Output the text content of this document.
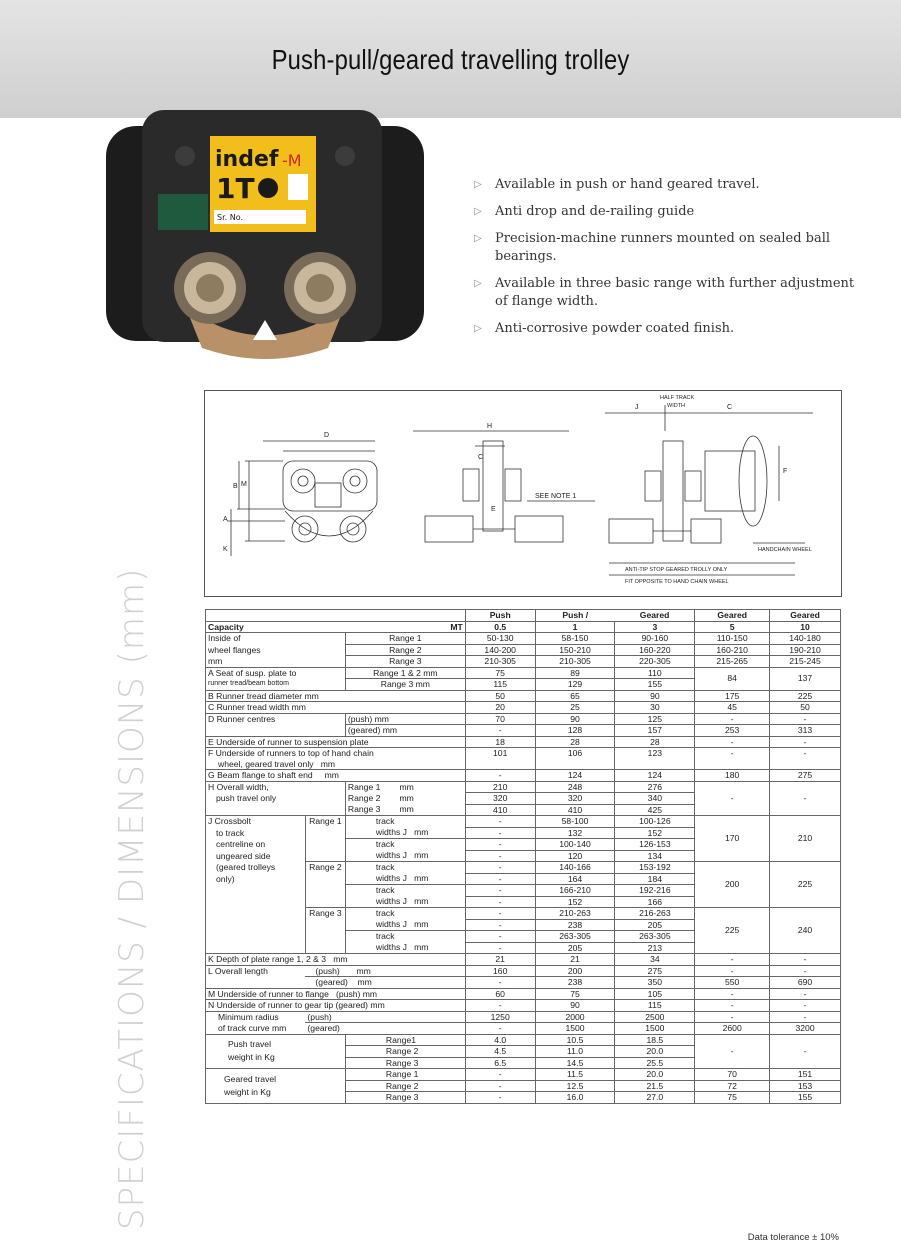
Push-pull/geared travelling trolley
indef -M
1T
Sr. No.
▷ Available in push or hand geared travel.
▷ Anti drop and de-railing guide
▷ Precision-machine runners mounted on sealed ball bearings.
▷ Available in three basic range with further adjustment of flange width.
▷ Anti-corrosive powder coated finish.
D
M
B
A
K
H
C
E
SEE NOTE 1
HALF TRACK
WIDTH
J	C
F
HANDCHAIN WHEEL
ANTI-TIP STOP GEARED TROLLY ONLY
FIT OPPOSITE TO HAND CHAIN WHEEL
SPECIFICATIONS / DIMENSIONS (mm)
			Push	Push /	Geared	Geared	Geared
Capacity		MT	0.5	1	3	5	10
Inside of		Range 1	50-130	58-150	90-160	110-150	140-180
wheel flanges		Range 2	140-200	150-210	160-220	160-210	190-210
mm		Range 3	210-305	210-305	220-305	215-265	215-245
A Seat of susp. plate to		Range 1 & 2 mm	75	89	110	84	137
runner tread/beam bottom		Range 3 mm	115	129	155		
B Runner tread diameter mm			50	65	90	175	225
C Runner tread width mm			20	25	30	45	50
D Runner centres		(push) mm	70	90	125	-	-
		(geared) mm	-	128	157	253	313
E Underside of runner to suspension plate			18	28	28	-	-
F Underside of runners to top of hand chain			101	106	123	-	-
wheel, geared travel only mm							
G Beam flange to shaft end mm			-	124	124	180	275
H Overall width,		Range 1 mm	210	248	276	-	-
push travel only		Range 2 mm	320	320	340		
		Range 3 mm	410	410	425		
J Crossbolt	Range 1	track	-	58-100	100-126	170	210
to track		widths J mm	-	132	152		
centreline on		track	-	100-140	126-153		
ungeared side		widths J mm	-	120	134		
(geared trolleys	Range 2	track	-	140-166	153-192	200	225
only)		widths J mm	-	164	184		
		track	-	166-210	192-216		
		widths J mm	-	152	166		
	Range 3	track	-	210-263	216-263	225	240
		widths J mm	-	238	205		
		track	-	263-305	263-305		
		widths J mm	-	205	213		
K Depth of plate range 1, 2 & 3 mm			21	21	34	-	-
L Overall length	(push) mm		160	200	275	-	-
	(geared) mm		-	238	350	550	690
M Underside of runner to flange (push) mm			60	75	105	-	-
N Underside of runner to gear tip (geared) mm			-	90	115	-	-
Minimum radius	(push)		1250	2000	2500	-	-
of track curve mm	(geared)		-	1500	1500	2600	3200
Push travel
weight in Kg		Range1	4.0	10.5	18.5	-	-
		Range 2	4.5	11.0	20.0		
		Range 3	6.5	14.5	25.5		
Geared travel
weight in Kg		Range 1	-	11.5	20.0	70	151
		Range 2	-	12.5	21.5	72	153
		Range 3	-	16.0	27.0	75	155
Data tolerance ± 10%
